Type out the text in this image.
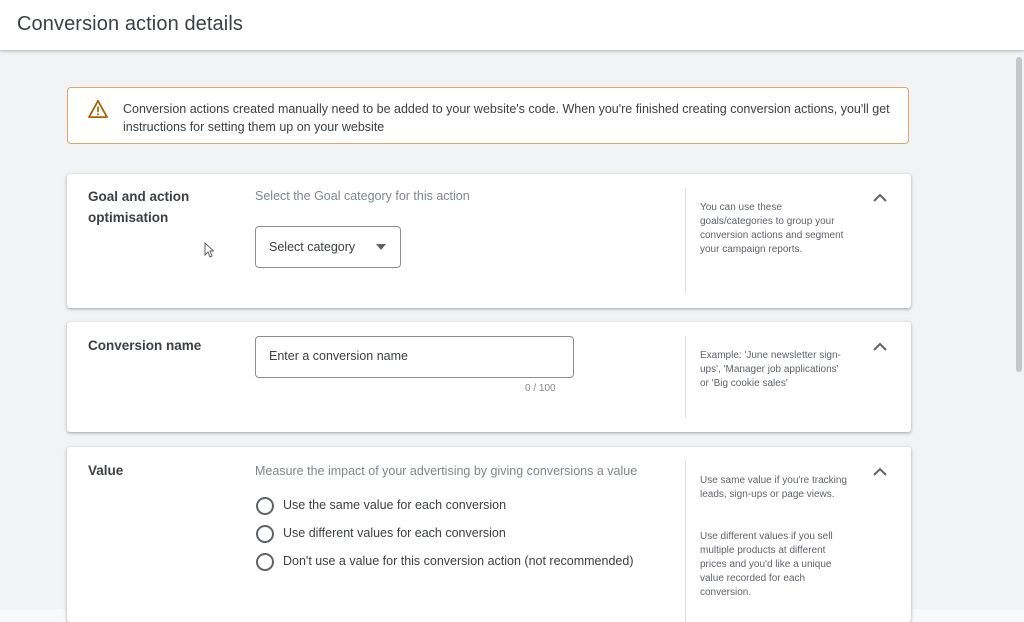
Conversion action details
Conversion actions created manually need to be added to your website's code. When you're finished creating conversion actions, you'll get instructions for setting them up on your website
Goal and action optimisation
Select the Goal category for this action
Select category
You can use these goals/categories to group your conversion actions and segment your campaign reports.
Conversion name
Enter a conversion name
0 / 100
Example: 'June newsletter sign-ups', 'Manager job applications' or 'Big cookie sales'
Value	Measure the impact of your advertising by giving conversions a value
Use the same value for each conversion
Use different values for each conversion
Don't use a value for this conversion action (not recommended)
Use same value if you're tracking leads, sign-ups or page views.
Use different values if you sell multiple products at different prices and you'd like a unique value recorded for each conversion.
